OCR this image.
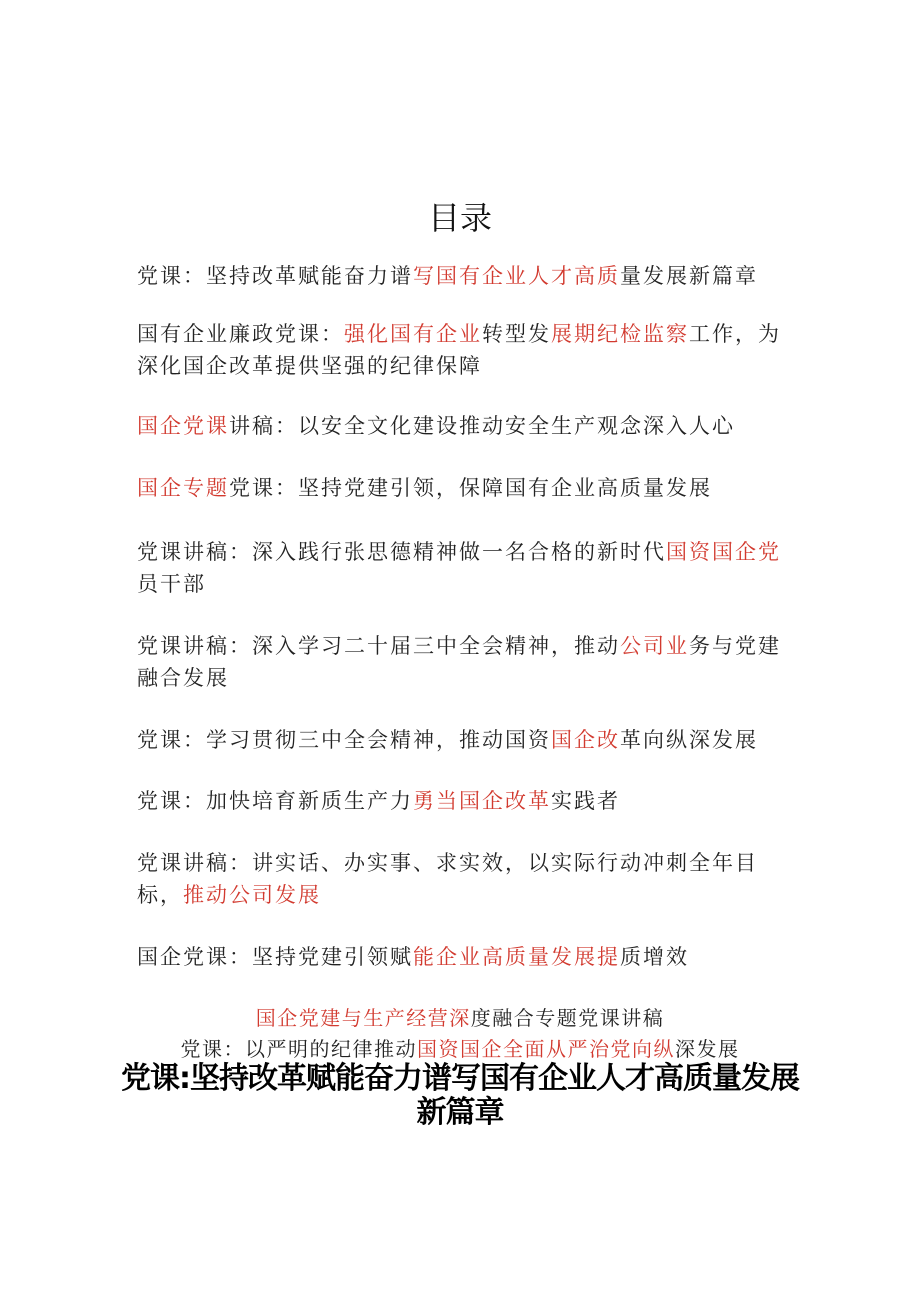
目录
党课：坚持改革赋能奋力谱写国有企业人才高质量发展新篇章
国有企业廉政党课：强化国有企业转型发展期纪检监察工作，为深化国企改革提供坚强的纪律保障
国企党课讲稿：以安全文化建设推动安全生产观念深入人心
国企专题党课：坚持党建引领，保障国有企业高质量发展
党课讲稿：深入践行张思德精神做一名合格的新时代国资国企党员干部
党课讲稿：深入学习二十届三中全会精神，推动公司业务与党建融合发展
党课：学习贯彻三中全会精神，推动国资国企改革向纵深发展
党课：加快培育新质生产力勇当国企改革实践者
党课讲稿：讲实话、办实事、求实效，以实际行动冲刺全年目标，推动公司发展
国企党课：坚持党建引领赋能企业高质量发展提质增效
国企党建与生产经营深度融合专题党课讲稿
党课：以严明的纪律推动国资国企全面从严治党向纵深发展
党课:坚持改革赋能奋力谱写国有企业人才高质量发展新篇章
